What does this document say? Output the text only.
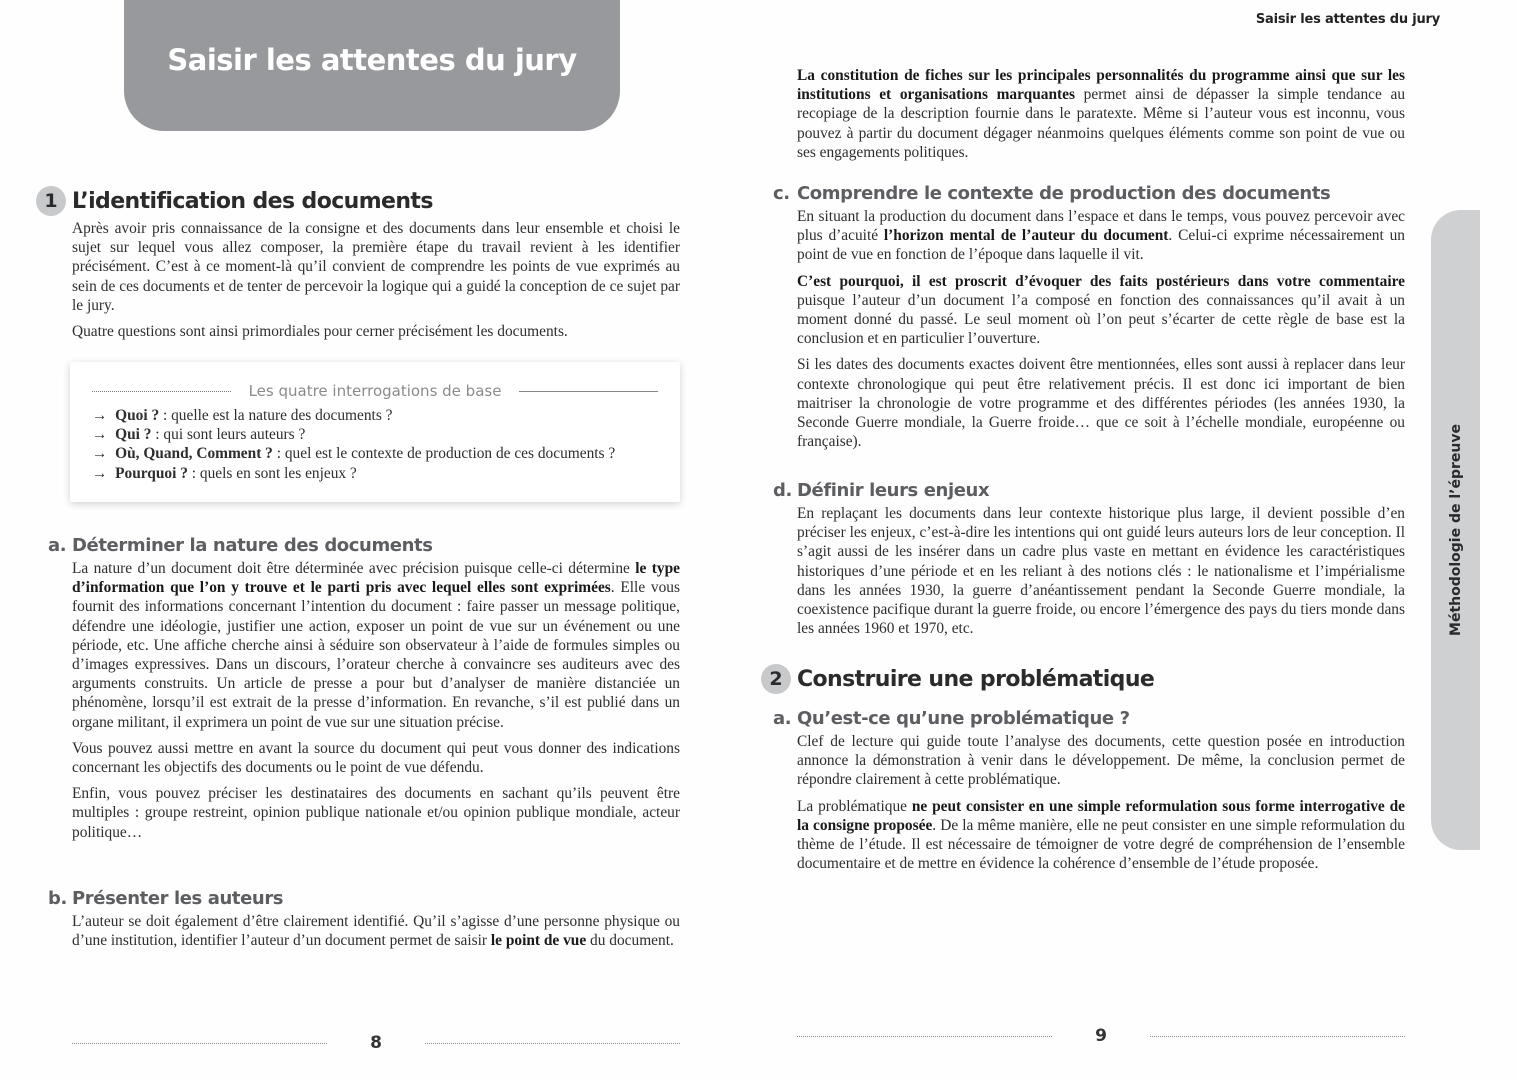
Saisir les attentes du jury
1 L’identification des documents

Après avoir pris connaissance de la consigne et des documents dans leur ensemble et choisi le sujet sur lequel vous allez composer, la première étape du travail revient à les identifier précisément. C’est à ce moment-là qu’il convient de comprendre les points de vue exprimés au sein de ces documents et de tenter de percevoir la logique qui a guidé la conception de ce sujet par le jury.

Quatre questions sont ainsi primordiales pour cerner précisément les documents.

Les quatre interrogations de base
→ Quoi ? : quelle est la nature des documents ?
→ Qui ? : qui sont leurs auteurs ?
→ Où, Quand, Comment ? : quel est le contexte de production de ces documents ?
→ Pourquoi ? : quels en sont les enjeux ?
a. Déterminer la nature des documents

La nature d’un document doit être déterminée avec précision puisque celle-ci détermine le type d’information que l’on y trouve et le parti pris avec lequel elles sont exprimées. Elle vous fournit des informations concernant l’intention du document : faire passer un message politique, défendre une idéologie, justifier une action, exposer un point de vue sur un événement ou une période, etc. Une affiche cherche ainsi à séduire son observateur à l’aide de formules simples ou d’images expressives. Dans un discours, l’orateur cherche à convaincre ses auditeurs avec des arguments construits. Un article de presse a pour but d’analyser de manière distanciée un phénomène, lorsqu’il est extrait de la presse d’information. En revanche, s’il est publié dans un organe militant, il exprimera un point de vue sur une situation précise.

Vous pouvez aussi mettre en avant la source du document qui peut vous donner des indications concernant les objectifs des documents ou le point de vue défendu.

Enfin, vous pouvez préciser les destinataires des documents en sachant qu’ils peuvent être multiples : groupe restreint, opinion publique nationale et/ou opinion publique mondiale, acteur politique…

b. Présenter les auteurs

L’auteur se doit également d’être clairement identifié. Qu’il s’agisse d’une personne physique ou d’une institution, identifier l’auteur d’un document permet de saisir le point de vue du document.

8
Saisir les attentes du jury
Méthodologie de l’épreuve

La constitution de fiches sur les principales personnalités du programme ainsi que sur les institutions et organisations marquantes permet ainsi de dépasser la simple tendance au recopiage de la description fournie dans le paratexte. Même si l’auteur vous est inconnu, vous pouvez à partir du document dégager néanmoins quelques éléments comme son point de vue ou ses engagements politiques.

c. Comprendre le contexte de production des documents

En situant la production du document dans l’espace et dans le temps, vous pouvez percevoir avec plus d’acuité l’horizon mental de l’auteur du document. Celui-ci exprime nécessairement un point de vue en fonction de l’époque dans laquelle il vit.

C’est pourquoi, il est proscrit d’évoquer des faits postérieurs dans votre commentaire puisque l’auteur d’un document l’a composé en fonction des connaissances qu’il avait à un moment donné du passé. Le seul moment où l’on peut s’écarter de cette règle de base est la conclusion et en particulier l’ouverture.

Si les dates des documents exactes doivent être mentionnées, elles sont aussi à replacer dans leur contexte chronologique qui peut être relativement précis. Il est donc ici important de bien maitriser la chronologie de votre programme et des différentes périodes (les années 1930, la Seconde Guerre mondiale, la Guerre froide… que ce soit à l’échelle mondiale, européenne ou française).

d. Définir leurs enjeux

En replaçant les documents dans leur contexte historique plus large, il devient possible d’en préciser les enjeux, c’est-à-dire les intentions qui ont guidé leurs auteurs lors de leur conception. Il s’agit aussi de les insérer dans un cadre plus vaste en mettant en évidence les caractéristiques historiques d’une période et en les reliant à des notions clés : le nationalisme et l’impérialisme dans les années 1930, la guerre d’anéantissement pendant la Seconde Guerre mondiale, la coexistence pacifique durant la guerre froide, ou encore l’émergence des pays du tiers monde dans les années 1960 et 1970, etc.

2 Construire une problématique
a. Qu’est-ce qu’une problématique ?

Clef de lecture qui guide toute l’analyse des documents, cette question posée en introduction annonce la démonstration à venir dans le développement. De même, la conclusion permet de répondre clairement à cette problématique.

La problématique ne peut consister en une simple reformulation sous forme interrogative de la consigne proposée. De la même manière, elle ne peut consister en une simple reformulation du thème de l’étude. Il est nécessaire de témoigner de votre degré de compréhension de l’ensemble documentaire et de mettre en évidence la cohérence d’ensemble de l’étude proposée.

9
